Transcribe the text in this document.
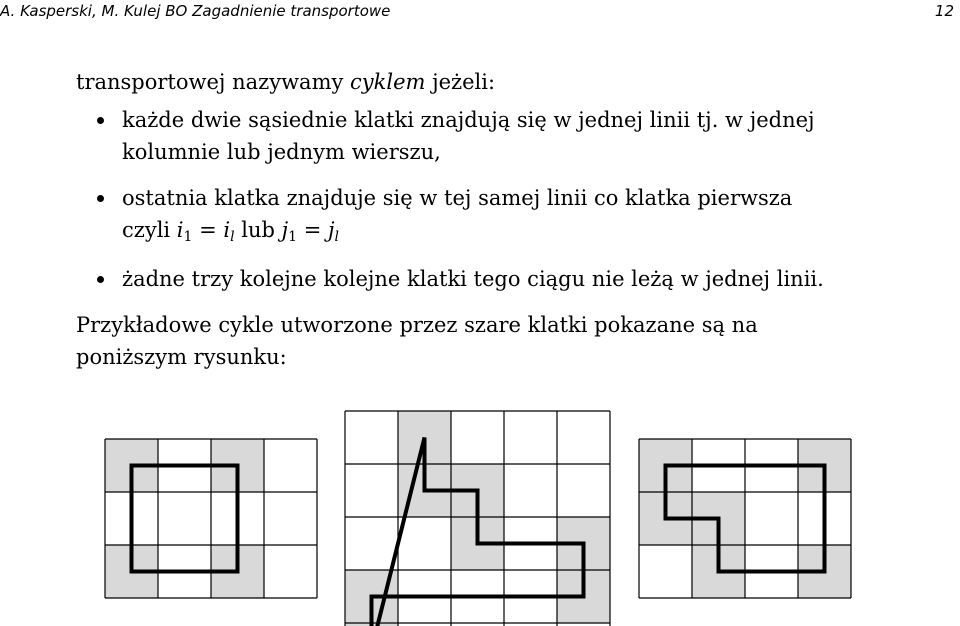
A. Kasperski, M. Kulej BO Zagadnienie transportowe	12

transportowej nazywamy cyklem jeżeli:

każde dwie sąsiednie klatki znajdują się w jednej linii tj. w jednej
kolumnie lub jednym wierszu,
ostatnia klatka znajduje się w tej samej linii co klatka pierwsza
czyli i1 = il lub j1 = jl
żadne trzy kolejne kolejne klatki tego ciągu nie leżą w jednej linii.

Przykładowe cykle utworzone przez szare klatki pokazane są na
poniższym rysunku:
